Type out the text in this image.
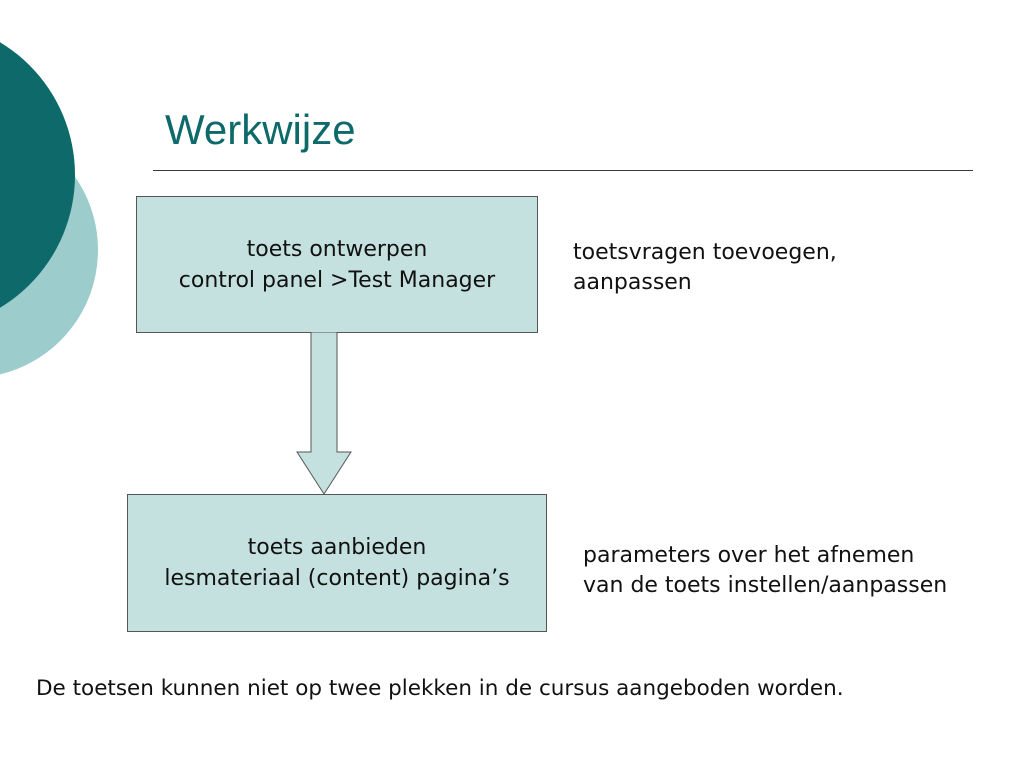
Werkwijze
toets ontwerpen
control panel >Test Manager
toets aanbieden
lesmateriaal (content) pagina’s
toetsvragen toevoegen,
aanpassen
parameters over het afnemen
van de toets instellen/aanpassen
De toetsen kunnen niet op twee plekken in de cursus aangeboden worden.
